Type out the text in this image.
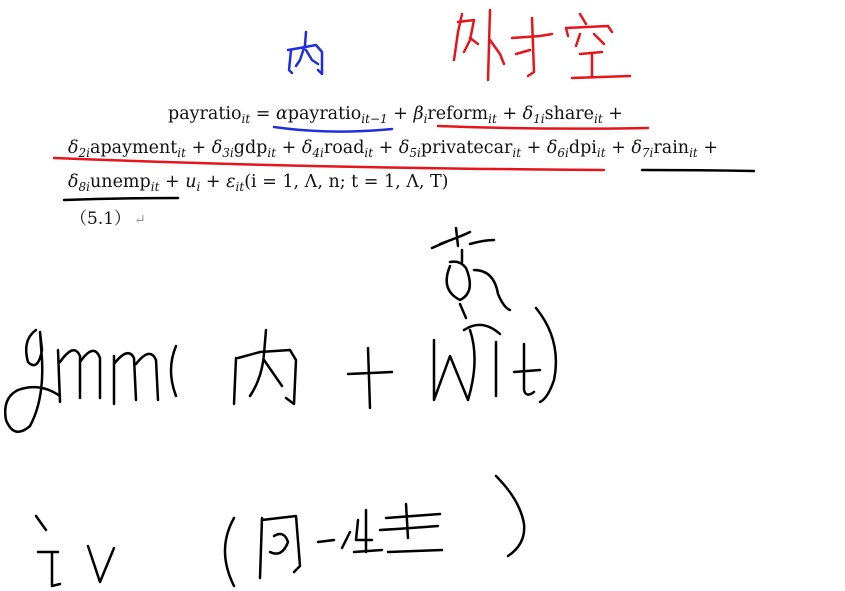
payratio$_{it}$ = αpayratio$_{it-1}$ + $\beta_ireform_{it}$ + $\delta_{1i}share_{it}$ +
$\delta_{2i}apayment_{it} + \delta_{3i}gdp_{it}$ + $\delta_{4i}road_{it}$ + $\delta_{5i}privatecar_{it} + \delta_{6i}dpi_{it}$ + $\delta_{7i}rain_{it}$ +
$\delta_{8i}unemp_{it} + u_i + \varepsilon_{it}(i = 1$, Λ, n; t = 1, Λ, T)
（5.1） ↵
